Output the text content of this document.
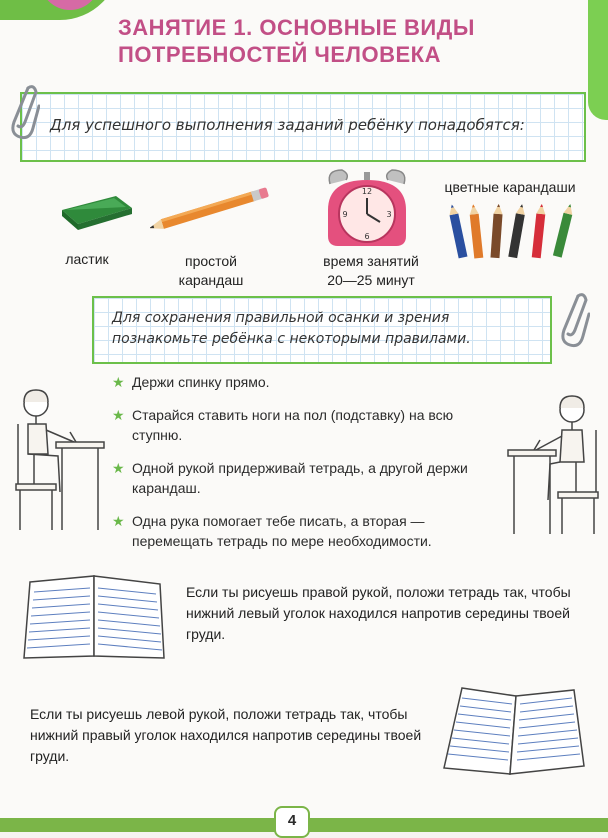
ЗАНЯТИЕ 1. ОСНОВНЫЕ ВИДЫ
ПОТРЕБНОСТЕЙ ЧЕЛОВЕКА
Для успешного выполнения заданий ребёнку понадобятся:
ластик	простой
карандаш
12
3
6
9
время занятий
20—25 минут
цветные карандаши
Для сохранения правильной осанки и зрения
познакомьте ребёнка с некоторыми правилами.
★ Держи спинку прямо.
★ Старайся ставить ноги на пол (подставку) на всю ступню.
★ Одной рукой придерживай тетрадь, а другой держи карандаш.
★ Одна рука помогает тебе писать, а вторая — перемещать тетрадь по мере необходимости.
Если ты рисуешь правой рукой, положи тетрадь так, чтобы нижний левый уголок находился напротив середины твоей груди.
Если ты рисуешь левой рукой, положи тетрадь так, чтобы нижний правый уголок находился напротив середины твоей груди.
4
